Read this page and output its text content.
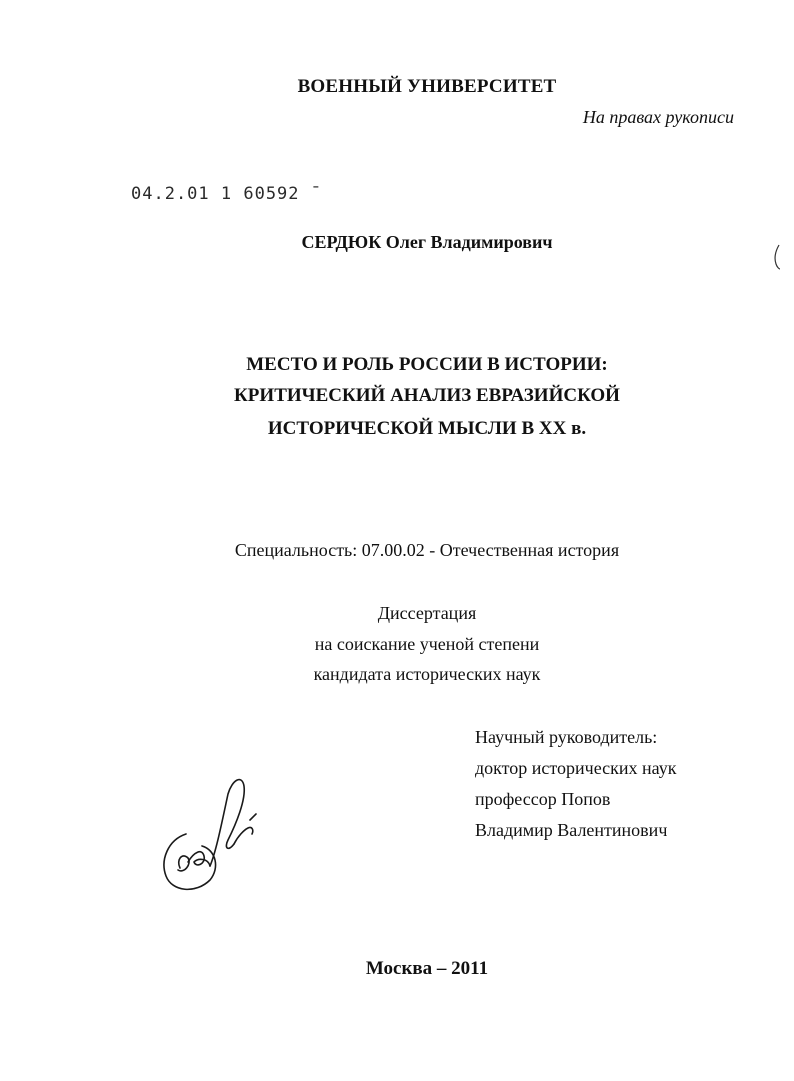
ВОЕННЫЙ УНИВЕРСИТЕТ
На правах рукописи
04.2.01 1 60592 ˉ
СЕРДЮК Олег Владимирович
МЕСТО И РОЛЬ РОССИИ В ИСТОРИИ:
КРИТИЧЕСКИЙ АНАЛИЗ ЕВРАЗИЙСКОЙ
ИСТОРИЧЕСКОЙ МЫСЛИ В XX в.
Специальность: 07.00.02 - Отечественная история
Диссертация
на соискание ученой степени
кандидата исторических наук
Научный руководитель:
доктор исторических наук
профессор Попов
Владимир Валентинович
Москва – 2011
